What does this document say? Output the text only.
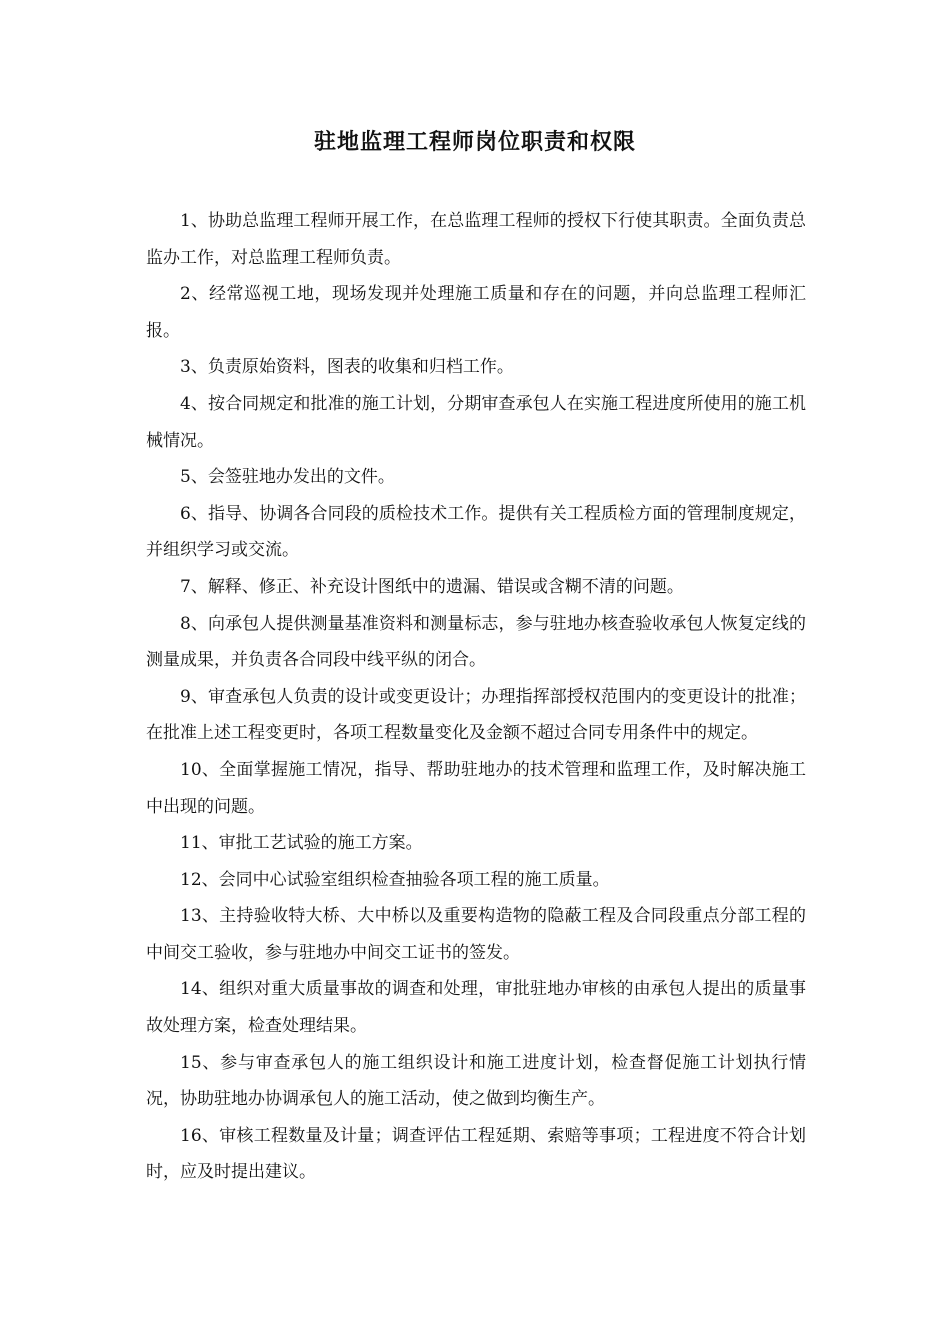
驻地监理工程师岗位职责和权限

1、协助总监理工程师开展工作，在总监理工程师的授权下行使其职责。全面负责总监办工作，对总监理工程师负责。

2、经常巡视工地，现场发现并处理施工质量和存在的问题，并向总监理工程师汇报。

3、负责原始资料，图表的收集和归档工作。

4、按合同规定和批准的施工计划，分期审查承包人在实施工程进度所使用的施工机械情况。

5、会签驻地办发出的文件。

6、指导、协调各合同段的质检技术工作。提供有关工程质检方面的管理制度规定，并组织学习或交流。

7、解释、修正、补充设计图纸中的遗漏、错误或含糊不清的问题。

8、向承包人提供测量基准资料和测量标志，参与驻地办核查验收承包人恢复定线的测量成果，并负责各合同段中线平纵的闭合。

9、审查承包人负责的设计或变更设计；办理指挥部授权范围内的变更设计的批准；在批准上述工程变更时，各项工程数量变化及金额不超过合同专用条件中的规定。

10、全面掌握施工情况，指导、帮助驻地办的技术管理和监理工作，及时解决施工中出现的问题。

11、审批工艺试验的施工方案。

12、会同中心试验室组织检查抽验各项工程的施工质量。

13、主持验收特大桥、大中桥以及重要构造物的隐蔽工程及合同段重点分部工程的中间交工验收，参与驻地办中间交工证书的签发。

14、组织对重大质量事故的调查和处理，审批驻地办审核的由承包人提出的质量事故处理方案，检查处理结果。

15、参与审查承包人的施工组织设计和施工进度计划，检查督促施工计划执行情况，协助驻地办协调承包人的施工活动，使之做到均衡生产。

16、审核工程数量及计量；调查评估工程延期、索赔等事项；工程进度不符合计划时，应及时提出建议。
